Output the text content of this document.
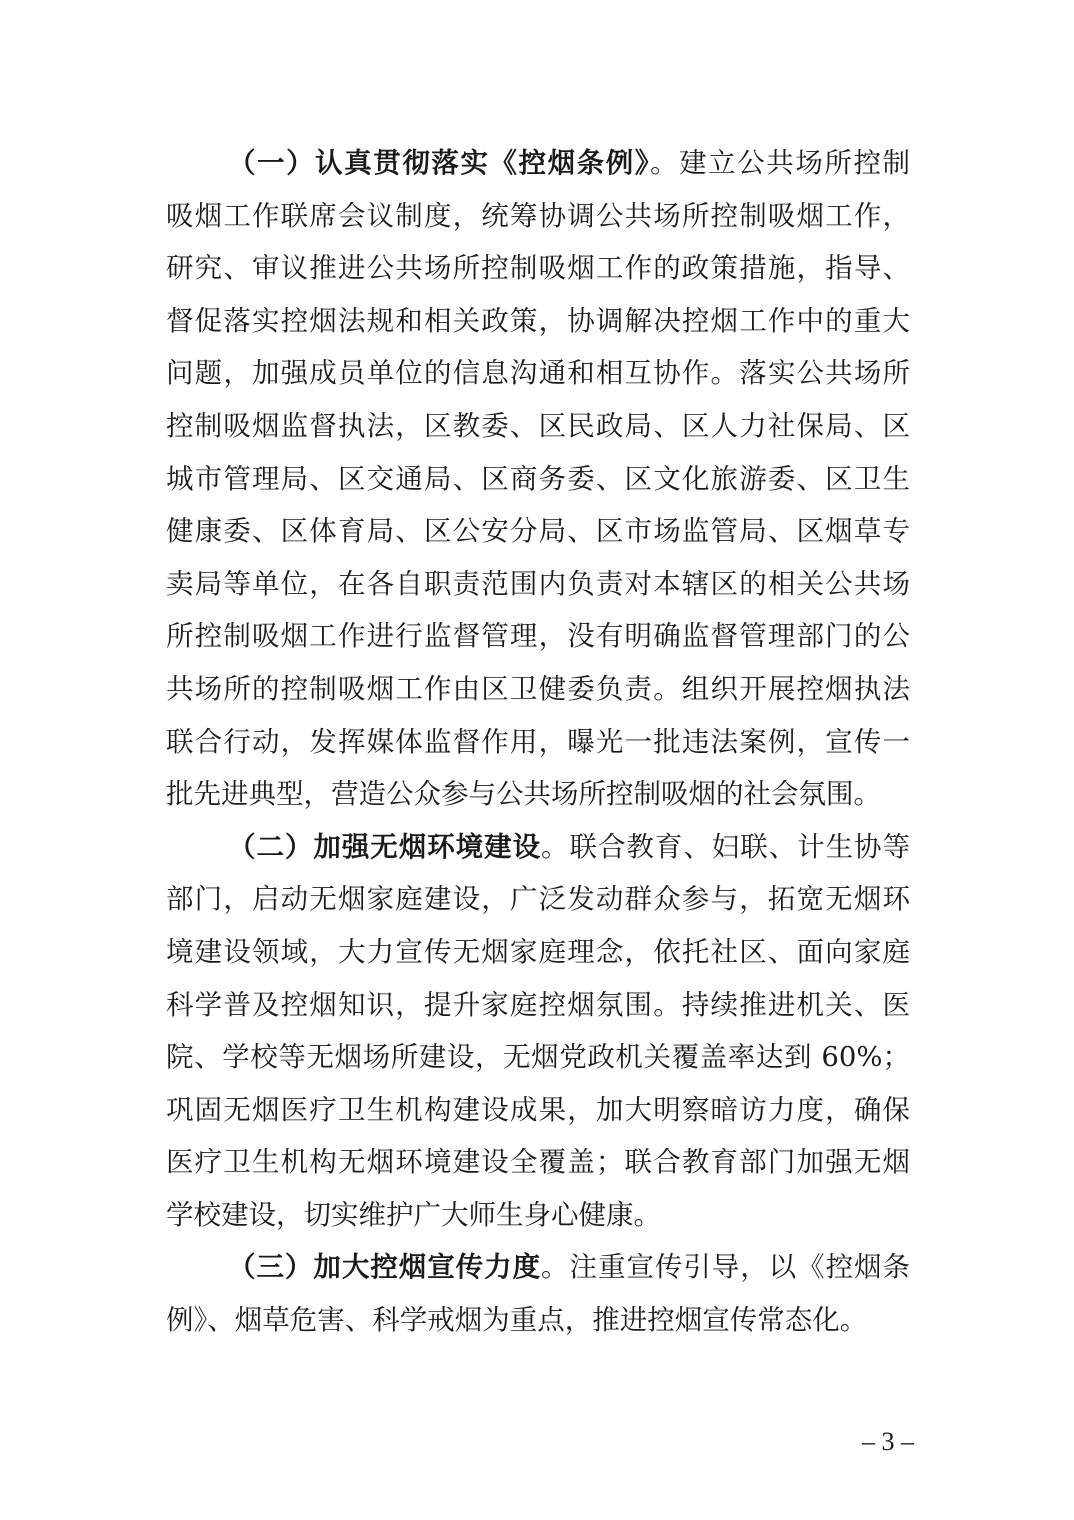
（一）认真贯彻落实《控烟条例》。建立公共场所控制
吸烟工作联席会议制度，统筹协调公共场所控制吸烟工作，
研究、审议推进公共场所控制吸烟工作的政策措施，指导、
督促落实控烟法规和相关政策，协调解决控烟工作中的重大
问题，加强成员单位的信息沟通和相互协作。落实公共场所
控制吸烟监督执法，区教委、区民政局、区人力社保局、区
城市管理局、区交通局、区商务委、区文化旅游委、区卫生
健康委、区体育局、区公安分局、区市场监管局、区烟草专
卖局等单位，在各自职责范围内负责对本辖区的相关公共场
所控制吸烟工作进行监督管理，没有明确监督管理部门的公
共场所的控制吸烟工作由区卫健委负责。组织开展控烟执法
联合行动，发挥媒体监督作用，曝光一批违法案例，宣传一
批先进典型，营造公众参与公共场所控制吸烟的社会氛围。
（二）加强无烟环境建设。联合教育、妇联、计生协等
部门，启动无烟家庭建设，广泛发动群众参与，拓宽无烟环
境建设领域，大力宣传无烟家庭理念，依托社区、面向家庭
科学普及控烟知识，提升家庭控烟氛围。持续推进机关、医
院、学校等无烟场所建设，无烟党政机关覆盖率达到 60%；
巩固无烟医疗卫生机构建设成果，加大明察暗访力度，确保
医疗卫生机构无烟环境建设全覆盖；联合教育部门加强无烟
学校建设，切实维护广大师生身心健康。
（三）加大控烟宣传力度。注重宣传引导，以《控烟条
例》、烟草危害、科学戒烟为重点，推进控烟宣传常态化。
– 3 –
